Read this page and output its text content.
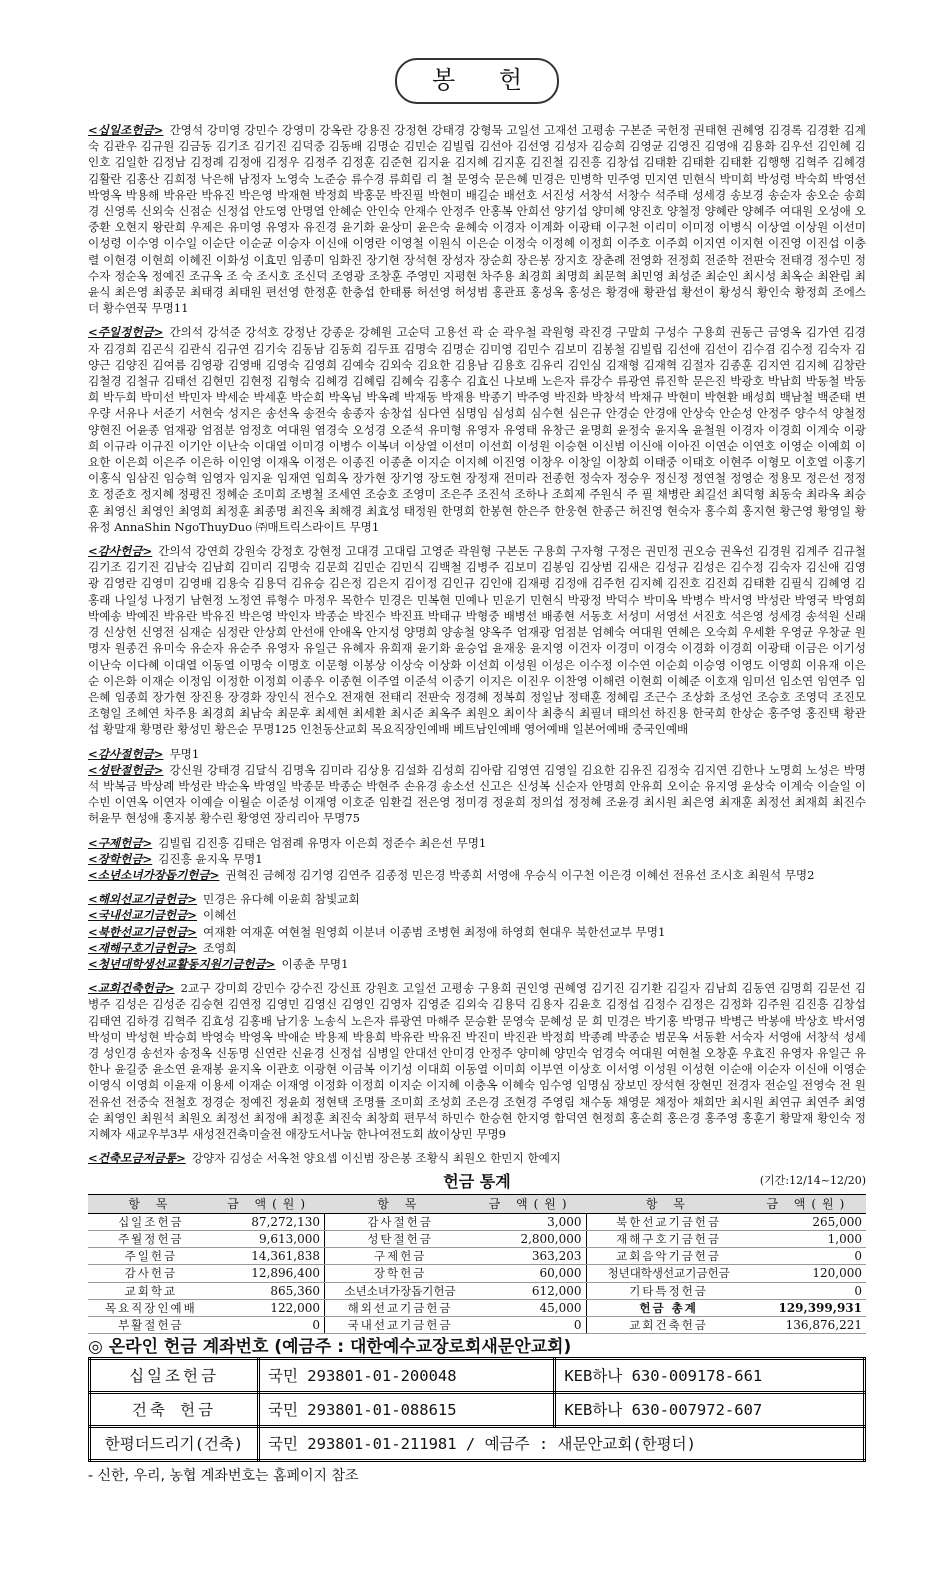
봉 헌
<십일조헌금> 간영석 강미영 강민수 강영미 강옥란 강용진 강정현 강태경 강형묵 고일선 고재선 고평송 구본준 국헌정 권태현 권혜영 김경록 김경환 김계숙 김관우 김규원 김금동 김기조 김기진 김덕중 김동배 김명순 김민순 김빌립 김선아 김선영 김성자 김승희 김영균 김영진 김영애 김용화 김우선 김인혜 김인호 김일한 김정남 김정례 김정애 김정우 김정주 김정훈 김준현 김지윤 김지혜 김지훈 김진철 김진흥 김창섭 김태환 김태환 김태환 김행행 김혁주 김혜경 김활란 김홍산 김희정 낙은해 남정자 노영숙 노준승 류수경 류희림 리 철 문영숙 문은혜 민경은 민병학 민주영 민지연 민현식 박미희 박성령 박숙희 박영선 박영옥 박용해 박유란 박유진 박은영 박재현 박정희 박홍문 박진필 박현미 배길순 배선호 서진성 서창석 서창수 석주태 성세경 송보경 송순자 송오순 송희경 신영록 신외숙 신점순 신정섭 안도영 안명열 안혜순 안인숙 안재수 안정주 안홍복 안희선 양기섭 양미혜 양진호 양철정 양혜란 양혜주 여대원 오성애 오중환 오현지 왕란희 우제은 유미영 유영자 유진경 윤기화 윤상미 윤은숙 윤혜숙 이경자 이계화 이광태 이구천 이리미 이미정 이병식 이상열 이상원 이선미 이성령 이수영 이수일 이순단 이순균 이승자 이신애 이영란 이영철 이원식 이은순 이정숙 이정혜 이정희 이주호 이주희 이지연 이지현 이진영 이진섭 이충렬 이현경 이현희 이혜진 이화성 이효민 임종미 임화진 장기현 장석현 장성자 장순희 장은봉 장지호 장춘례 전영화 전정희 전준학 전판숙 전태경 정수민 정수자 정순옥 정예진 조규옥 조 숙 조시호 조신덕 조영광 조창훈 주영민 지평현 차주용 최경희 최명희 최문혁 최민영 최성준 최순인 최시성 최옥순 최완림 최윤식 최은영 최종문 최태경 최태원 편선영 한정훈 한충섭 한태룡 허선영 허성범 홍관표 홍성옥 홍성은 황경애 황관섭 황선이 황성식 황인숙 황정희 조에스더 황수연꾹 무명11
<주일정헌금> 간의석 강석준 강석호 강정난 강종운 강혜원 고순덕 고용선 곽 순 곽우철 곽원형 곽진경 구말희 구성수 구용희 권동근 금영옥 김가연 김경자 김경희 김곤식 김관식 김규연 김기숙 김동남 김동희 김두표 김명숙 김명순 김미영 김민수 김보미 김봉철 김빌립 김선애 김선이 김수겸 김수정 김숙자 김양근 김양진 김여름 김영광 김영배 김영숙 김영희 김예숙 김외숙 김요한 김용남 김용호 김유리 김인심 김재형 김재혁 김절자 김종훈 김지연 김지혜 김창란 김철경 김철규 김태선 김현민 김현정 김형숙 김혜경 김혜림 김혜숙 김홍수 김효신 나보배 노은자 류강수 류광연 류진학 문은진 박광호 박남희 박동철 박동희 박두희 박미선 박민자 박세순 박세훈 박순희 박옥님 박옥례 박재동 박재용 박종기 박주영 박진화 박창석 박채규 박현미 박현환 배성희 백남철 백준태 변우량 서유나 서준기 서현숙 성지은 송선옥 송전숙 송종자 송창섭 심다연 심명임 심성희 심수현 심은규 안경순 안경애 안상숙 안순성 안정주 양수석 양철정 양현진 어윤종 엄재광 엄점분 엄정호 여대원 염경숙 오성경 오준석 유미형 유영자 유영태 유창근 윤명희 윤정숙 윤지옥 윤철원 이경자 이경희 이계숙 이광희 이규라 이규진 이기안 이난숙 이대열 이미경 이병수 이복녀 이상열 이선미 이선희 이성원 이승현 이신범 이신애 이아진 이연순 이연호 이영순 이예희 이요한 이은희 이은주 이은하 이인영 이재옥 이정은 이종진 이종춘 이지순 이지혜 이진영 이창우 이창일 이창희 이태중 이태호 이현주 이형모 이호열 이홍기 이홍식 임삼진 임승혁 임영자 임지윤 임재연 임희옥 장가현 장기영 장도현 장정재 전미라 전종헌 정숙자 정승우 정신정 정연철 정영순 정용모 정은선 정정호 정준호 정지혜 정평진 정혜순 조미희 조병철 조세연 조승호 조영미 조은주 조진석 조하나 조희제 주원식 주 필 채병란 최길선 최덕형 최동숙 최라옥 최승훈 최영신 최영인 최영희 최정훈 최종명 최진옥 최해경 최효성 태정원 한명희 한봉현 한은주 한웅현 한종근 허진영 현숙자 홍수희 홍지현 황근영 황영일 황유정 AnnaShin NgoThuyDuo ㈜매트릭스라이트 무명1
<감사헌금> 간의석 강연희 강원숙 강정호 강현정 고대경 고대림 고영준 곽원형 구본돈 구용희 구자형 구정은 권민정 권오승 권옥선 김경원 김계주 김규철 김기조 김기진 김남숙 김남희 김미리 김명숙 김문희 김민순 김민식 김백철 김병주 김보미 김봉임 김상범 김새은 김성규 김성은 김수정 김숙자 김신애 김영광 김영란 김영미 김영배 김용숙 김용덕 김유승 김은정 김은지 김이정 김인규 김인애 김재평 김정애 김주헌 김지혜 김진호 김진희 김태환 김필식 김혜영 김홍래 나일성 나정기 남현정 노정연 류형수 마정우 목한수 민경은 민복현 민예나 민운기 민현식 박광정 박덕수 박미옥 박병수 박서영 박성란 박영국 박영희 박예송 박예진 박유란 박유진 박은영 박인자 박종순 박진수 박진표 박태규 박형중 배병선 배종현 서동호 서성미 서영선 서진호 석은영 성세경 송석원 신래경 신상헌 신영전 심재순 심정란 안상희 안선애 안애옥 안지성 양명희 양송철 양옥주 엄재광 엄점분 엄혜숙 여대원 연혜은 오숙희 우세환 우영균 우창균 원명자 원종건 유미숙 유순자 유순주 유영자 유일근 유혜자 유희재 윤기화 윤승업 윤재웅 윤지영 이건자 이경미 이경숙 이경화 이경희 이광태 이금은 이기성 이난숙 이다혜 이대열 이동열 이명숙 이명호 이문형 이봉상 이상숙 이상화 이선희 이성원 이성은 이수정 이수연 이순희 이승영 이영도 이영희 이유재 이은순 이은화 이재순 이정임 이정한 이정희 이종우 이종현 이주열 이준석 이중기 이지은 이진우 이찬영 이해련 이현희 이혜준 이호재 임미선 임소연 임연주 임은혜 임종희 장가현 장진용 장경화 장인식 전수오 전재현 전태리 전판숙 정경혜 정복희 정일남 정태훈 정혜림 조근수 조상화 조성언 조승호 조영덕 조진모 조형일 조혜연 차주용 최경희 최남숙 최문후 최세현 최세환 최시준 최옥주 최원오 최이삭 최충식 최필녀 태의선 하진용 한국희 한상순 홍주영 홍진택 황관섭 황말재 황명란 황성민 황은순 무명125 인천동산교회 목요직장인예배 베트남인예배 영어예배 일본어예배 중국인예배
<감사절헌금> 무명1
<성탄절헌금> 강신원 강태경 김달식 김명옥 김미라 김상용 김설화 김성희 김아람 김영연 김영일 김요한 김유진 김정숙 김지연 김한나 노명희 노성은 박명석 박복금 박상례 박성란 박순옥 박영일 박종문 박종순 박현주 손유경 송소선 신고은 신성복 신순자 안명희 안유희 오이순 유지영 윤상숙 이계숙 이슬일 이수빈 이연옥 이연자 이예슬 이월순 이준성 이재영 이호준 임환걸 전은영 정미경 정윤희 정의섭 정정혜 조윤경 최시원 최은영 최재훈 최정선 최재희 최진수 허윤무 현성애 홍지봉 황수린 황영연 장리리아 무명75
<구제헌금> 김빌립 김진흥 김태은 엄점례 유명자 이은희 정준수 최은선 무명1
<장학헌금> 김진흥 윤지옥 무명1
<소년소녀가장돕기헌금> 권혁진 금혜정 김기영 김연주 김종정 민은경 박종희 서영애 우승식 이구천 이은경 이혜선 전유선 조시호 최원석 무명2
<해외선교기금헌금> 민경은 유다혜 이윤희 참빛교회
<국내선교기금헌금> 이혜선
<북한선교기금헌금> 여재환 여재훈 여현철 원영희 이분녀 이종범 조병현 최정애 하영희 현대우 북한선교부 무명1
<재해구호기금헌금> 조영희
<청년대학생선교활동지원기금헌금> 이종춘 무명1
<교회건축헌금> 2교구 강미희 강민수 강수진 강신표 강원호 고일선 고평송 구용희 권인영 권혜영 김기진 김기환 김길자 김남희 김동연 김명희 김문선 김병주 김성은 김성준 김승현 김연정 김영민 김영신 김영인 김영자 김영준 김외숙 김용덕 김용자 김윤호 김정섭 김정수 김정은 김정화 김주원 김진흥 김창섭 김태연 김하경 김혁주 김효성 김홍배 남기웅 노송식 노은자 류광연 마해주 문승환 문영숙 문혜성 문 희 민경은 박기홍 박명규 박병근 박봉애 박상호 박서영 박성미 박성현 박승희 박영숙 박영옥 박애순 박용제 박용희 박유란 박유진 박진미 박진관 박정희 박종례 박종순 범문옥 서동환 서숙자 서영애 서창석 성세경 성인경 송선자 송정옥 신동명 신연란 신윤경 신정섭 심병일 안대선 안미경 안정주 양미혜 양민숙 엄경숙 여대원 여현철 오창훈 우효진 유영자 유일근 유한나 윤길중 윤소연 윤재봉 윤지옥 이관호 이광현 이금복 이기성 이대희 이동열 이미희 이부연 이상호 이서영 이성원 이성현 이순애 이순자 이신애 이영순 이영식 이영희 이윤재 이용세 이재순 이재영 이정화 이정희 이지순 이지혜 이충옥 이혜숙 임수영 임명심 장보민 장석현 장현민 전경자 전순일 전영숙 전 원 전유선 전중숙 전철호 정경순 정예진 정윤희 정현택 조명률 조미희 조성희 조은경 조현경 주영림 채수동 채영문 채정아 채희만 최시원 최연규 최연주 최영순 최영인 최원석 최원오 최정선 최정애 최정훈 최진숙 최창희 편무석 하민수 한승현 한지영 함덕연 현정희 홍순희 홍은경 홍주영 홍훈기 황말재 황인숙 정지혜자 새교우부3부 새성전건축미술전 애장도서나눔 한나여전도회 故이상민 무명9
<건축모금저금통> 강양자 김성순 서옥천 양요셉 이신범 장은봉 조황식 최원오 한민지 한예지
헌금 통계	(기간:12/14~12/20)
항 목	금 액(원)	항 목	금 액(원)	항 목	금 액(원)
십일조헌금	87,272,130	감사절헌금	3,000	북한선교기금헌금	265,000
주월정헌금	9,613,000	성탄절헌금	2,800,000	재해구호기금헌금	1,000
주일헌금	14,361,838	구제헌금	363,203	교회음악기금헌금	0
감사헌금	12,896,400	장학헌금	60,000	청년대학생선교기금헌금	120,000
교회학교	865,360	소년소녀가장돕기헌금	612,000	기타특정헌금	0
목요직장인예배	122,000	해외선교기금헌금	45,000	헌금 총계	129,399,931
부활절헌금	0	국내선교기금헌금	0	교회건축헌금	136,876,221
◎ 온라인 헌금 계좌번호 (예금주 : 대한예수교장로회새문안교회)
십일조헌금	국민 293801-01-200048	KEB하나 630-009178-661
건축 헌금	국민 293801-01-088615	KEB하나 630-007972-607
한평더드리기(건축)	국민 293801-01-211981 / 예금주 : 새문안교회(한평더)	
- 신한, 우리, 농협 계좌번호는 홈페이지 참조
